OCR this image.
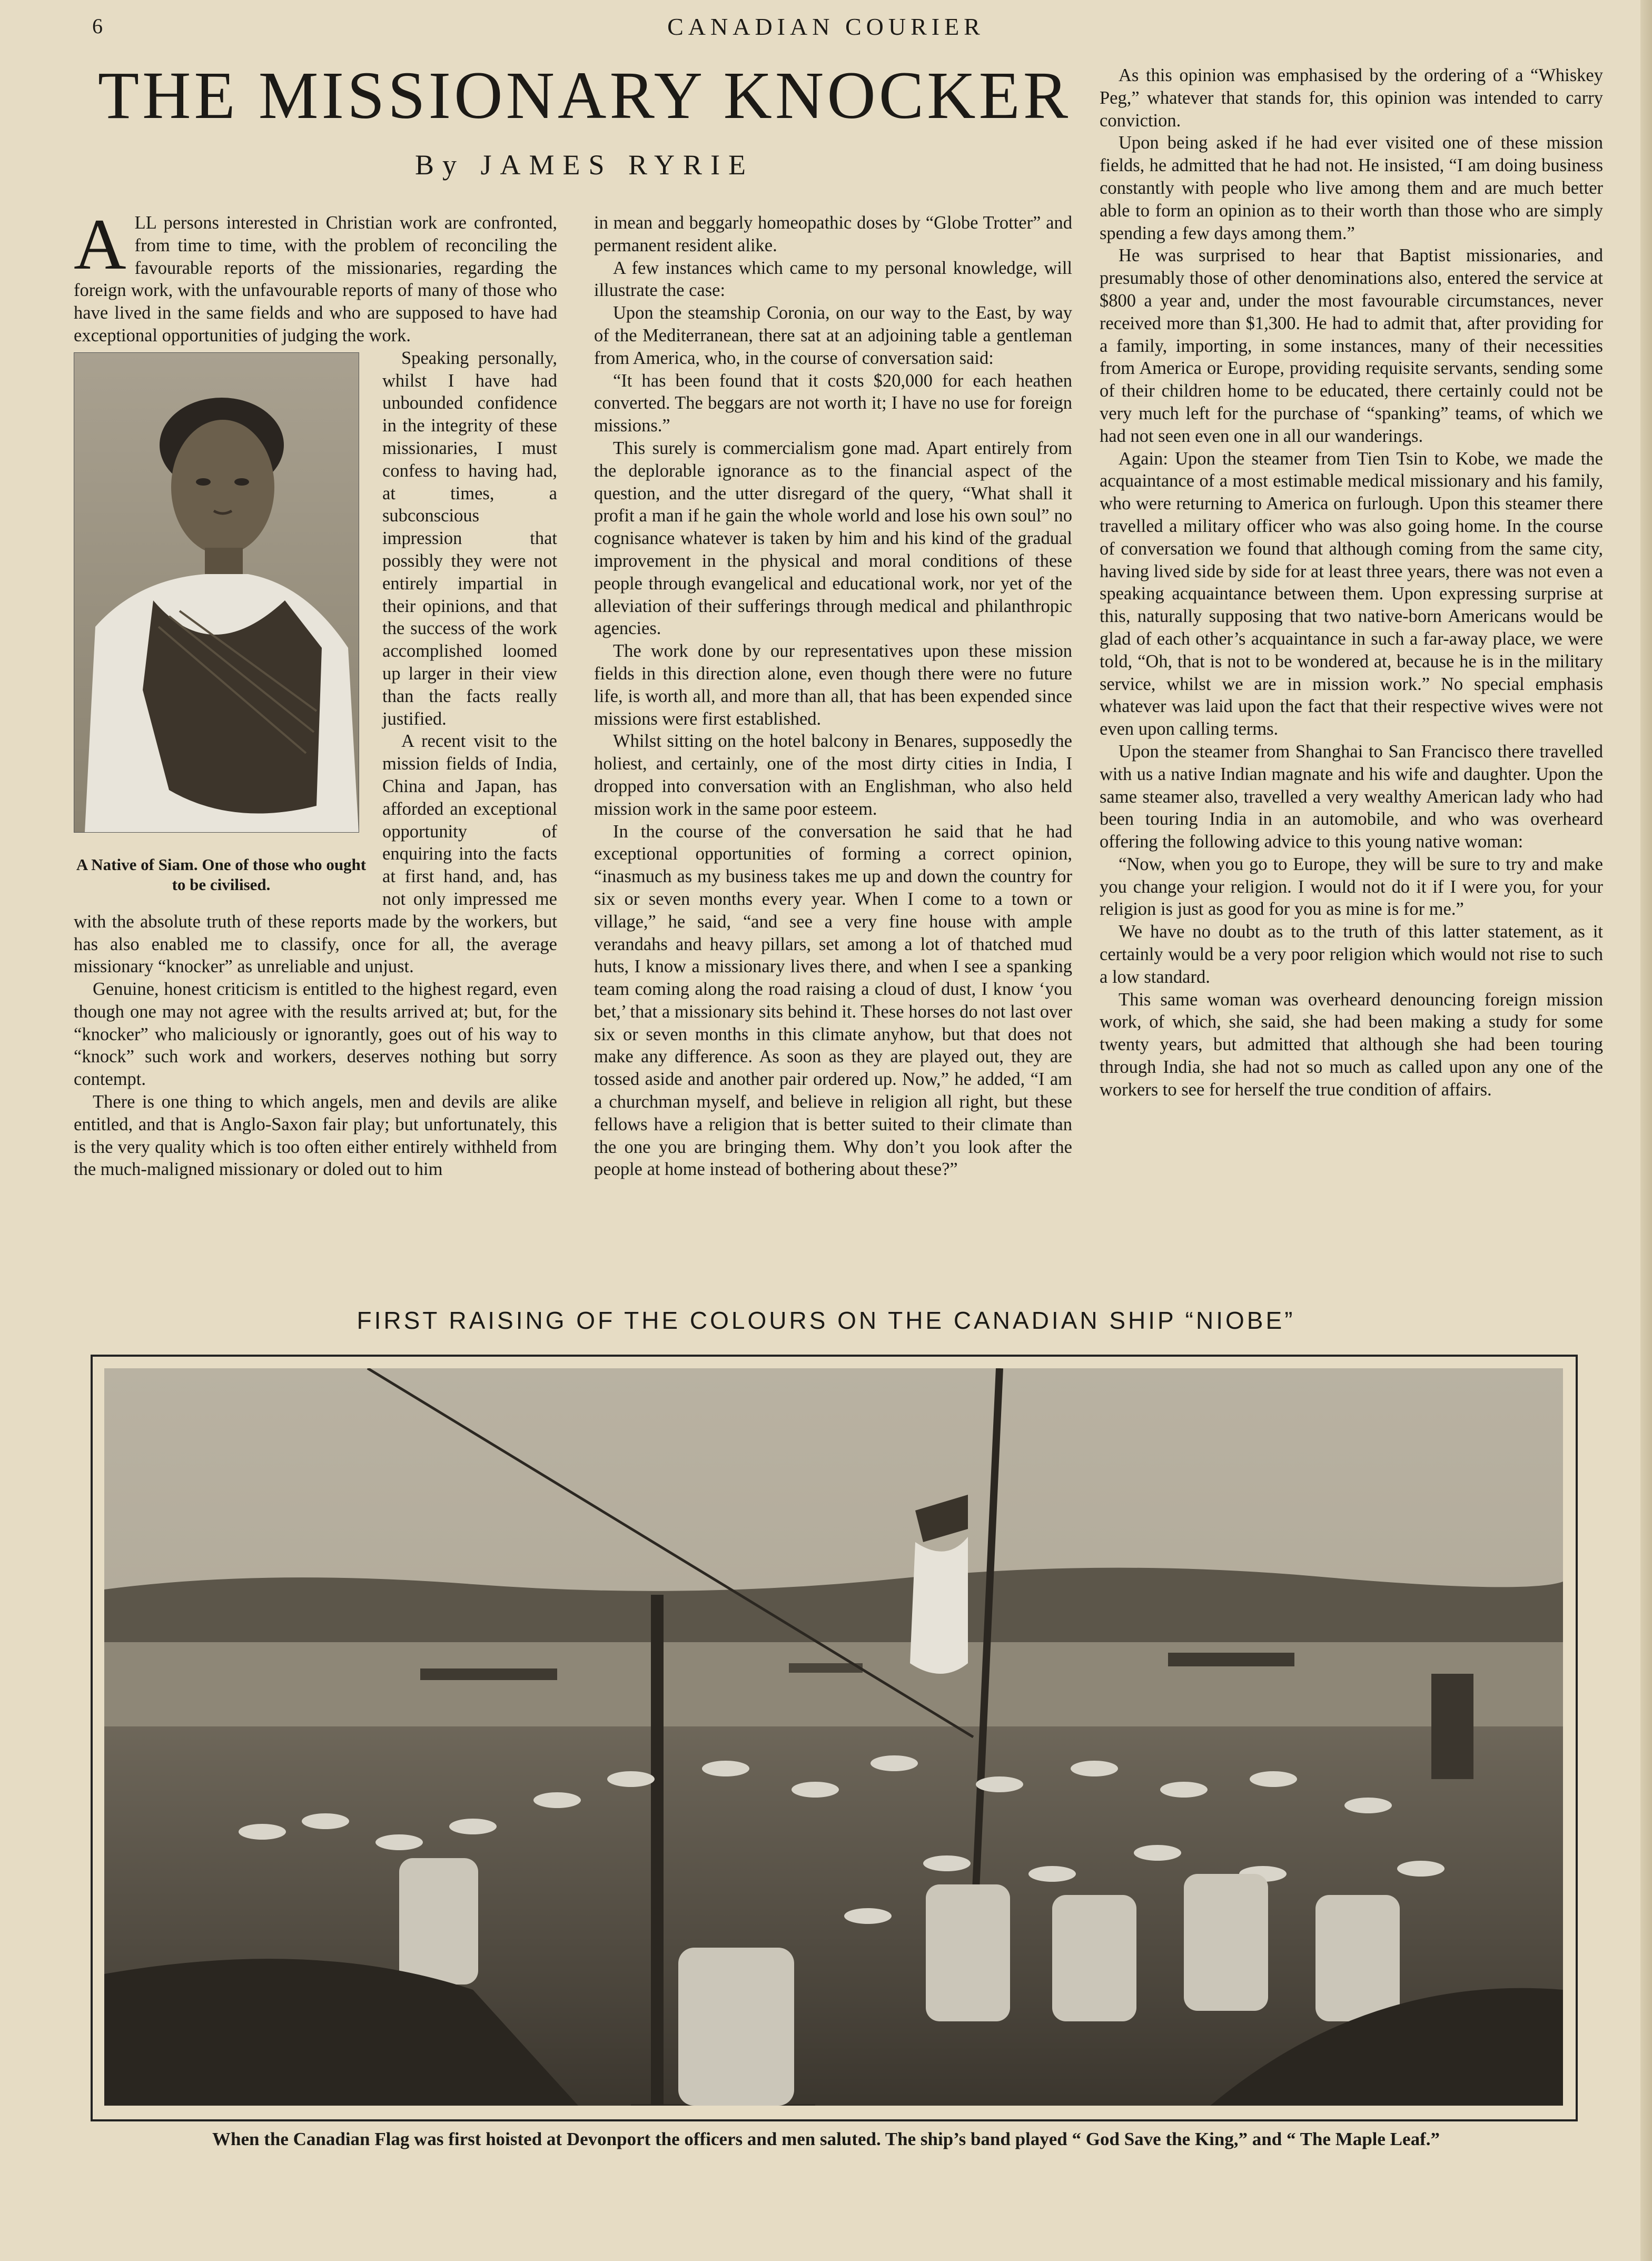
6	CANADIAN COURIER
THE MISSIONARY KNOCKER
By JAMES RYRIE

ALL persons interested in Christian work are confronted, from time to time, with the problem of reconciling the favourable reports of the missionaries, regarding the foreign work, with the unfavourable reports of many of those who have lived in the same fields and who are supposed to have had exceptional opportunities of judging the work.

A Native of Siam. One of those who ought to be civilised.

Speaking personally, whilst I have had unbounded confidence in the integrity of these missionaries, I must confess to having had, at times, a subconscious impression that possibly they were not entirely impartial in their opinions, and that the success of the work accomplished loomed up larger in their view than the facts really justified.

A recent visit to the mission fields of India, China and Japan, has afforded an exceptional opportunity of enquiring into the facts at first hand, and, has not only impressed me with the absolute truth of these reports made by the workers, but has also enabled me to classify, once for all, the average missionary “knocker” as unreliable and unjust.

Genuine, honest criticism is entitled to the highest regard, even though one may not agree with the results arrived at; but, for the “knocker” who maliciously or ignorantly, goes out of his way to “knock” such work and workers, deserves nothing but sorry contempt.

There is one thing to which angels, men and devils are alike entitled, and that is Anglo-Saxon fair play; but unfortunately, this is the very quality which is too often either entirely withheld from the much-maligned missionary or doled out to him

in mean and beggarly homeopathic doses by “Globe Trotter” and permanent resident alike.

A few instances which came to my personal knowledge, will illustrate the case:

Upon the steamship Coronia, on our way to the East, by way of the Mediterranean, there sat at an adjoining table a gentleman from America, who, in the course of conversation said:

“It has been found that it costs $20,000 for each heathen converted. The beggars are not worth it; I have no use for foreign missions.”

This surely is commercialism gone mad. Apart entirely from the deplorable ignorance as to the financial aspect of the question, and the utter disregard of the query, “What shall it profit a man if he gain the whole world and lose his own soul” no cognisance whatever is taken by him and his kind of the gradual improvement in the physical and moral conditions of these people through evangelical and educational work, nor yet of the alleviation of their sufferings through medical and philanthropic agencies.

The work done by our representatives upon these mission fields in this direction alone, even though there were no future life, is worth all, and more than all, that has been expended since missions were first established.

Whilst sitting on the hotel balcony in Benares, supposedly the holiest, and certainly, one of the most dirty cities in India, I dropped into conversation with an Englishman, who also held mission work in the same poor esteem.

In the course of the conversation he said that he had exceptional opportunities of forming a correct opinion, “inasmuch as my business takes me up and down the country for six or seven months every year. When I come to a town or village,” he said, “and see a very fine house with ample verandahs and heavy pillars, set among a lot of thatched mud huts, I know a missionary lives there, and when I see a spanking team coming along the road raising a cloud of dust, I know ‘you bet,’ that a missionary sits behind it. These horses do not last over six or seven months in this climate anyhow, but that does not make any difference. As soon as they are played out, they are tossed aside and another pair ordered up. Now,” he added, “I am a churchman myself, and believe in religion all right, but these fellows have a religion that is better suited to their climate than the one you are bringing them. Why don’t you look after the people at home instead of bothering about these?”

As this opinion was emphasised by the ordering of a “Whiskey Peg,” whatever that stands for, this opinion was intended to carry conviction.

Upon being asked if he had ever visited one of these mission fields, he admitted that he had not. He insisted, “I am doing business constantly with people who live among them and are much better able to form an opinion as to their worth than those who are simply spending a few days among them.”

He was surprised to hear that Baptist missionaries, and presumably those of other denominations also, entered the service at $800 a year and, under the most favourable circumstances, never received more than $1,300. He had to admit that, after providing for a family, importing, in some instances, many of their necessities from America or Europe, providing requisite servants, sending some of their children home to be educated, there certainly could not be very much left for the purchase of “spanking” teams, of which we had not seen even one in all our wanderings.

Again: Upon the steamer from Tien Tsin to Kobe, we made the acquaintance of a most estimable medical missionary and his family, who were returning to America on furlough. Upon this steamer there travelled a military officer who was also going home. In the course of conversation we found that although coming from the same city, having lived side by side for at least three years, there was not even a speaking acquaintance between them. Upon expressing surprise at this, naturally supposing that two native-born Americans would be glad of each other’s acquaintance in such a far-away place, we were told, “Oh, that is not to be wondered at, because he is in the military service, whilst we are in mission work.” No special emphasis whatever was laid upon the fact that their respective wives were not even upon calling terms.

Upon the steamer from Shanghai to San Francisco there travelled with us a native Indian magnate and his wife and daughter. Upon the same steamer also, travelled a very wealthy American lady who had been touring India in an automobile, and who was overheard offering the following advice to this young native woman:

“Now, when you go to Europe, they will be sure to try and make you change your religion. I would not do it if I were you, for your religion is just as good for you as mine is for me.”

We have no doubt as to the truth of this latter statement, as it certainly would be a very poor religion which would not rise to such a low standard.

This same woman was overheard denouncing foreign mission work, of which, she said, she had been making a study for some twenty years, but admitted that although she had been touring through India, she had not so much as called upon any one of the workers to see for herself the true condition of affairs.

FIRST RAISING OF THE COLOURS ON THE CANADIAN SHIP “NIOBE”
When the Canadian Flag was first hoisted at Devonport the officers and men saluted. The ship’s band played “ God Save the King,” and “ The Maple Leaf.”
